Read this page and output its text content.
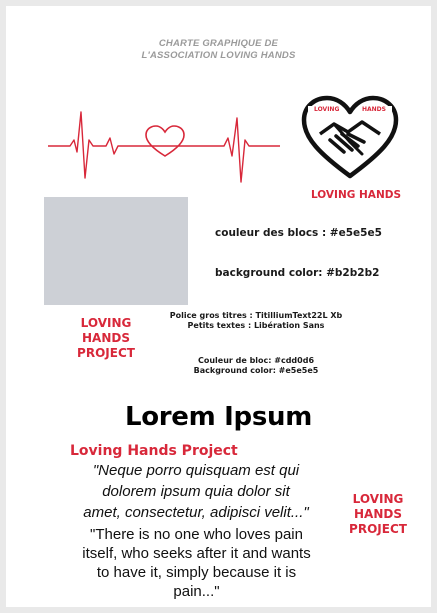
CHARTE GRAPHIQUE DE
L'ASSOCIATION LOVING HANDS
LOVING	HANDS
LOVING HANDS
couleur des blocs : #e5e5e5
background color: #b2b2b2
LOVING
HANDS
PROJECT
Police gros titres : TitilliumText22L Xb
Petits textes : Libération Sans
Couleur de bloc: #cdd0d6
Background color: #e5e5e5
Lorem Ipsum
Loving Hands Project
"Neque porro quisquam est qui
dolorem ipsum quia dolor sit
amet, consectetur, adipisci velit..."
"There is no one who loves pain
itself, who seeks after it and wants
to have it, simply because it is
pain..."
LOVING
HANDS
PROJECT
